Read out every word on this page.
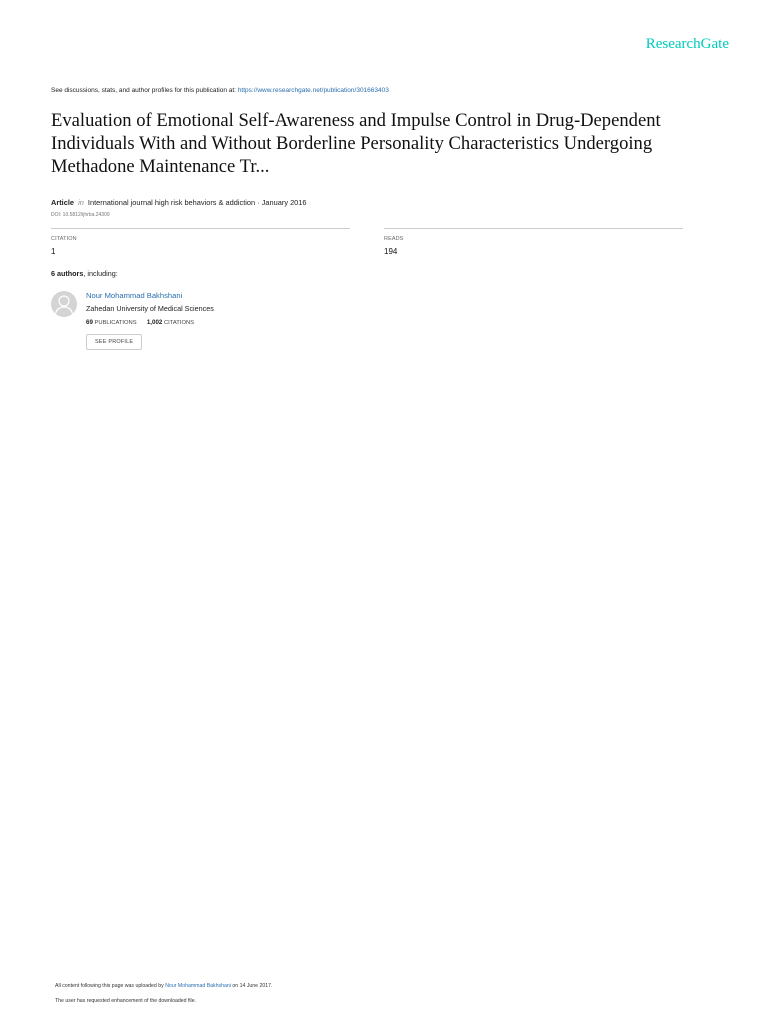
ResearchGate
See discussions, stats, and author profiles for this publication at: https://www.researchgate.net/publication/301663403
Evaluation of Emotional Self-Awareness and Impulse Control in Drug-Dependent Individuals With and Without Borderline Personality Characteristics Undergoing Methadone Maintenance Tr...
Article in International journal high risk behaviors & addiction · January 2016
DOI: 10.5812/ijhrba.24309
CITATION
1
READS
194
6 authors, including:
Nour Mohammad Bakhshani
Zahedan University of Medical Sciences
69 PUBLICATIONS 1,002 CITATIONS
SEE PROFILE
All content following this page was uploaded by Nour Mohammad Bakhshani on 14 June 2017.
The user has requested enhancement of the downloaded file.
